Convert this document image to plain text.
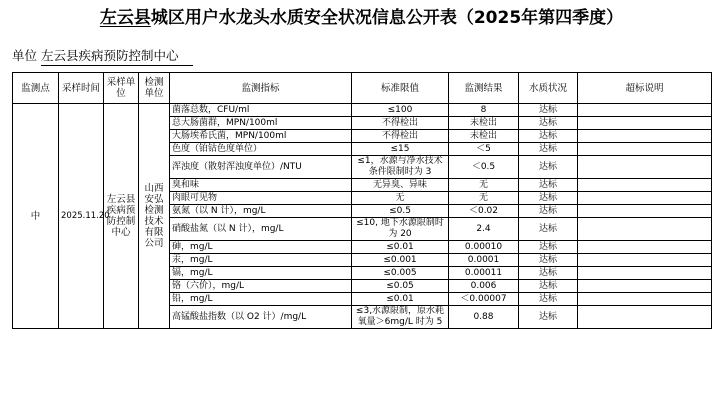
左云县城区用户水龙头水质安全状况信息公开表（2025年第四季度）
单位 左云县疾病预防控制中心
监测点	采样时间	采样单位	检测单位	监测指标	标准限值	监测结果	水质状况	超标说明
中	2025.11.20	左云县疾病预防控制中心	山西安弘检测技术有限公司	菌落总数，CFU/ml	≤100	8	达标	
				总大肠菌群，MPN/100ml	不得检出	未检出	达标	
				大肠埃希氏菌，MPN/100ml	不得检出	未检出	达标	
				色度（铂钴色度单位）	≤15	＜5	达标	
				浑浊度（散射浑浊度单位）/NTU	≤1，水源与净水技术条件限制时为 3	＜0.5	达标	
				臭和味	无异臭、异味	无	达标	
				肉眼可见物	无	无	达标	
				氨氮（以 N 计），mg/L	≤0.5	＜0.02	达标	
				硝酸盐氮（以 N 计），mg/L	≤10, 地下水源限制时为 20	2.4	达标	
				砷，mg/L	≤0.01	0.00010	达标	
				汞，mg/L	≤0.001	0.0001	达标	
				镉，mg/L	≤0.005	0.00011	达标	
				铬（六价），mg/L	≤0.05	0.006	达标	
				铅，mg/L	≤0.01	＜0.00007	达标	
				高锰酸盐指数（以 O2 计）/mg/L	≤3,水源限制，原水耗氧量＞6mg/L 时为 5	0.88	达标	
